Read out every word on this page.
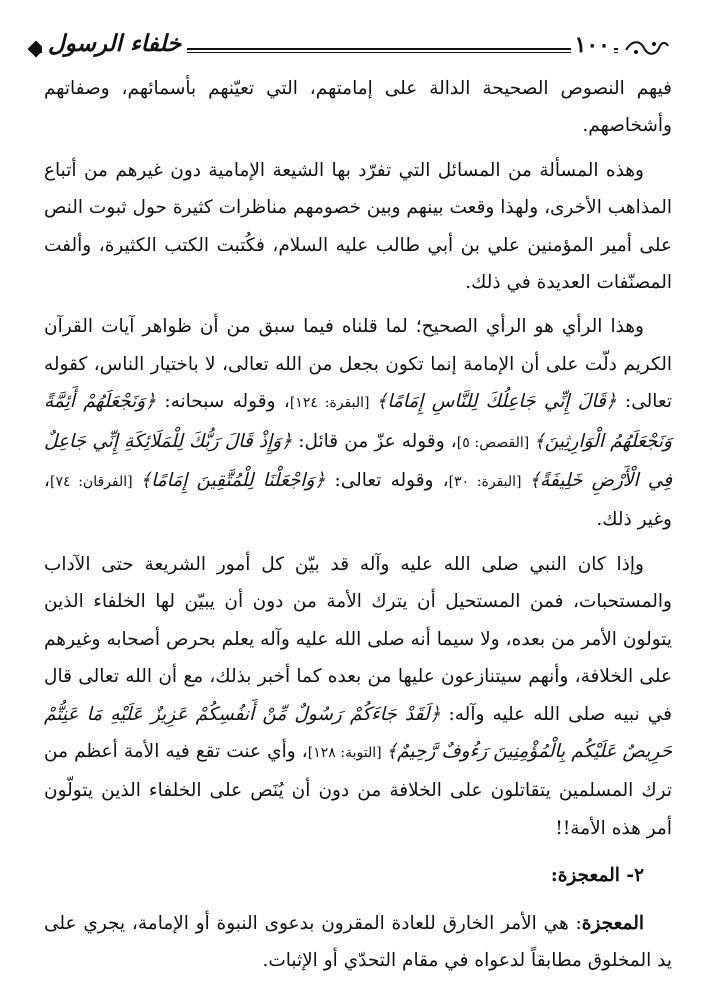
١٠٠
خلفاء الرسول

فيهم النصوص الصحيحة الدالة على إمامتهم، التي تعيّنهم بأسمائهم، وصفاتهم وأشخاصهم.

وهذه المسألة من المسائل التي تفرّد بها الشيعة الإمامية دون غيرهم من أتباع المذاهب الأخرى، ولهذا وقعت بينهم وبين خصومهم مناظرات كثيرة حول ثبوت النص على أمير المؤمنين علي بن أبي طالب عليه السلام، فكُتبت الكتب الكثيرة، وألفت المصنّفات العديدة في ذلك.

وهذا الرأي هو الرأي الصحيح؛ لما قلناه فيما سبق من أن ظواهر آيات القرآن الكريم دلّت على أن الإمامة إنما تكون بجعل من الله تعالى، لا باختيار الناس، كقوله تعالى: ﴿قَالَ إِنِّي جَاعِلُكَ لِلنَّاسِ إِمَامًا﴾ [البقرة: ١٢٤]، وقوله سبحانه: ﴿وَنَجْعَلَهُمْ أَئِمَّةً وَنَجْعَلَهُمُ الْوَارِثِينَ﴾ [القصص: ٥]، وقوله عزّ من قائل: ﴿وَإِذْ قَالَ رَبُّكَ لِلْمَلَائِكَةِ إِنِّي جَاعِلٌ فِي الْأَرْضِ خَلِيفَةً﴾ [البقرة: ٣٠]، وقوله تعالى: ﴿وَاجْعَلْنَا لِلْمُتَّقِينَ إِمَامًا﴾ [الفرقان: ٧٤]، وغير ذلك.

وإذا كان النبي صلى الله عليه وآله قد بيّن كل أمور الشريعة حتى الآداب والمستحبات، فمن المستحيل أن يترك الأمة من دون أن يبيّن لها الخلفاء الذين يتولون الأمر من بعده، ولا سيما أنه صلى الله عليه وآله يعلم بحرص أصحابه وغيرهم على الخلافة، وأنهم سيتنازعون عليها من بعده كما أخبر بذلك، مع أن الله تعالى قال في نبيه صلى الله عليه وآله: ﴿لَقَدْ جَاءَكُمْ رَسُولٌ مِّنْ أَنفُسِكُمْ عَزِيزٌ عَلَيْهِ مَا عَنِتُّمْ حَرِيصٌ عَلَيْكُم بِالْمُؤْمِنِينَ رَءُوفٌ رَّحِيمٌ﴾ [التوبة: ١٢٨]، وأي عنت تقع فيه الأمة أعظم من ترك المسلمين يتقاتلون على الخلافة من دون أن يُنَص على الخلفاء الذين يتولّون أمر هذه الأمة!!

٢- المعجزة:

المعجزة: هي الأمر الخارق للعادة المقرون بدعوى النبوة أو الإمامة، يجري على يد المخلوق مطابقاً لدعواه في مقام التحدّي أو الإثبات.
